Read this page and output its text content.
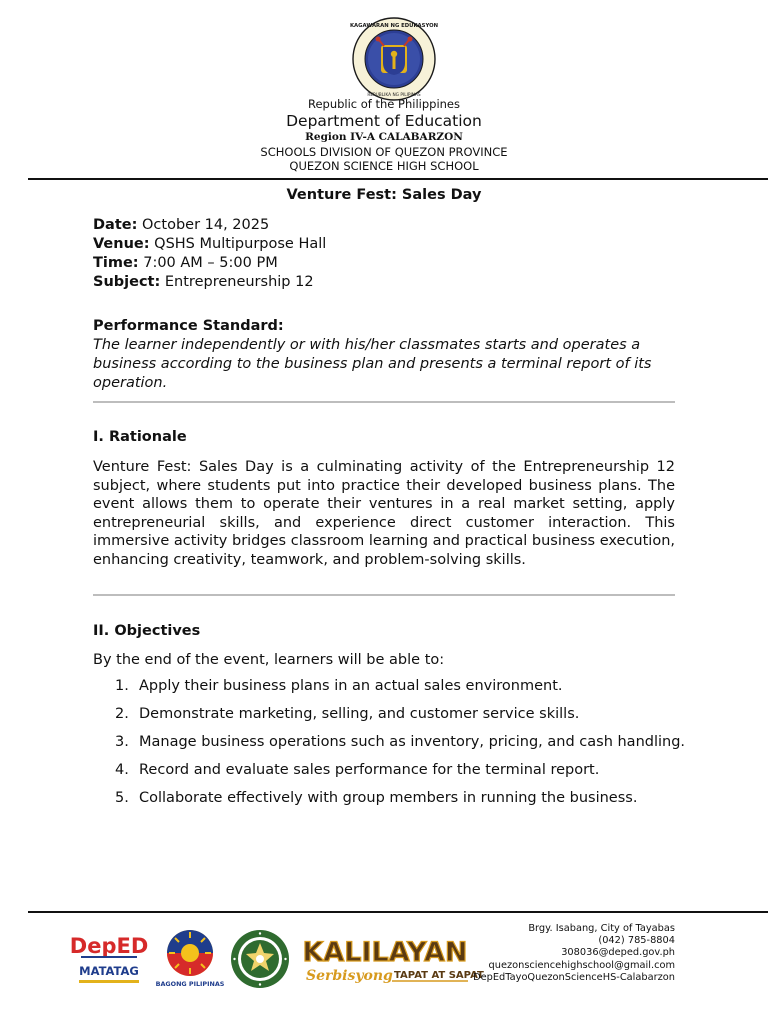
KAGAWARAN NG EDUKASYON
REPUBLIKA NG PILIPINAS
Republic of the Philippines
Department of Education
Region IV-A CALABARZON
SCHOOLS DIVISION OF QUEZON PROVINCE
QUEZON SCIENCE HIGH SCHOOL
Venture Fest: Sales Day
Date: October 14, 2025
Venue: QSHS Multipurpose Hall
Time: 7:00 AM – 5:00 PM
Subject: Entrepreneurship 12
Performance Standard:
The learner independently or with his/her classmates starts and operates a business according to the business plan and presents a terminal report of its operation.
I. Rationale
Venture Fest: Sales Day is a culminating activity of the Entrepreneurship 12 subject, where students put into practice their developed business plans. The event allows them to operate their ventures in a real market setting, apply entrepreneurial skills, and experience direct customer interaction. This immersive activity bridges classroom learning and practical business execution, enhancing creativity, teamwork, and problem-solving skills.
II. Objectives
By the end of the event, learners will be able to:
1. Apply their business plans in an actual sales environment.
2. Demonstrate marketing, selling, and customer service skills.
3. Manage business operations such as inventory, pricing, and cash handling.
4. Record and evaluate sales performance for the terminal report.
5. Collaborate effectively with group members in running the business.
DepED
MATATAG
BAGONG PILIPINAS
KALILAYAN
Serbisyong TAPAT AT SAPAT
Brgy. Isabang, City of Tayabas
(042) 785-8804
308036@deped.gov.ph
quezonsciencehighschool@gmail.com
DepEdTayoQuezonScienceHS-Calabarzon
